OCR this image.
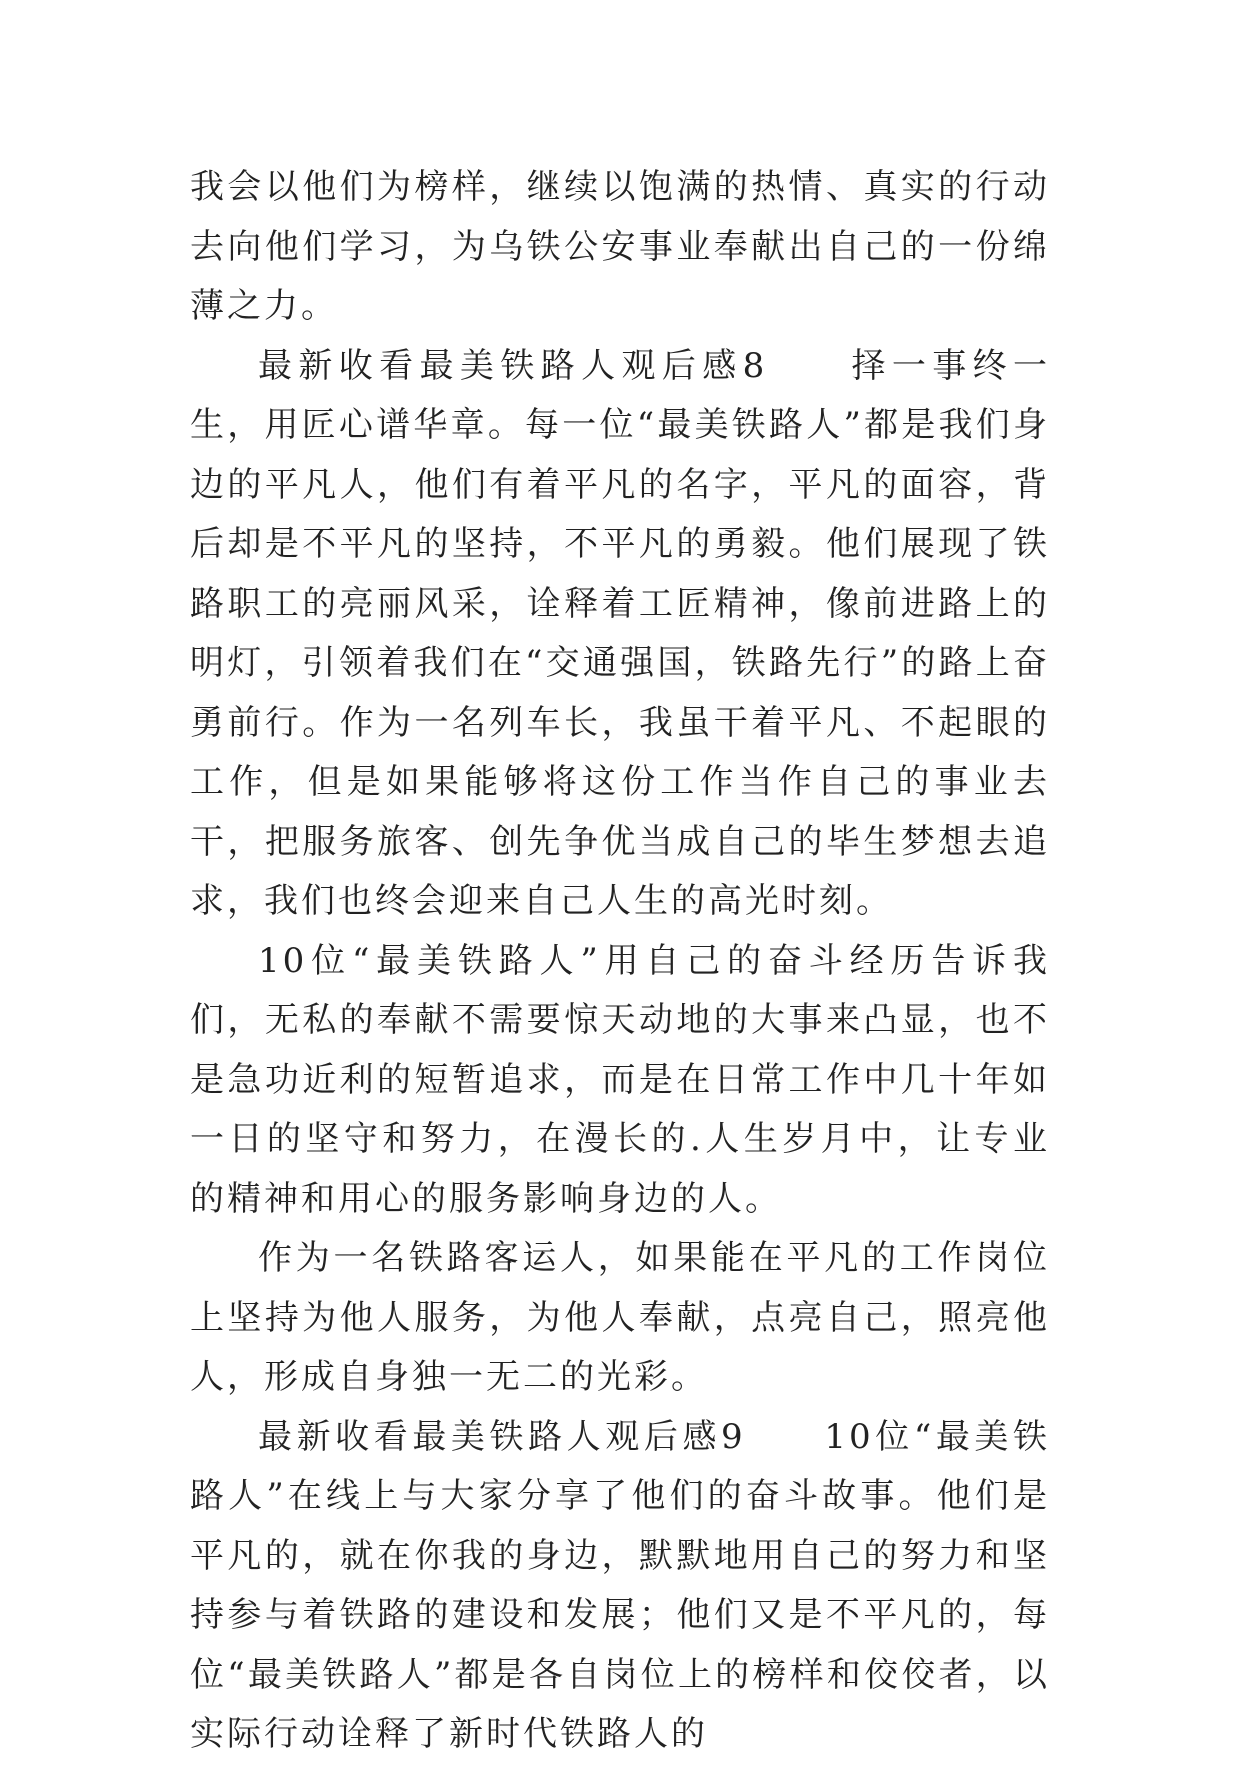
我会以他们为榜样，继续以饱满的热情、真实的行动去向他们学习，为乌铁公安事业奉献出自己的一份绵薄之力。

最新收看最美铁路人观后感8　　择一事终一生，用匠心谱华章。每一位“最美铁路人”都是我们身边的平凡人，他们有着平凡的名字，平凡的面容，背后却是不平凡的坚持，不平凡的勇毅。他们展现了铁路职工的亮丽风采，诠释着工匠精神，像前进路上的明灯，引领着我们在“交通强国，铁路先行”的路上奋勇前行。作为一名列车长，我虽干着平凡、不起眼的工作，但是如果能够将这份工作当作自己的事业去干，把服务旅客、创先争优当成自己的毕生梦想去追求，我们也终会迎来自己人生的高光时刻。

10位“最美铁路人”用自己的奋斗经历告诉我们，无私的奉献不需要惊天动地的大事来凸显，也不是急功近利的短暂追求，而是在日常工作中几十年如一日的坚守和努力，在漫长的.人生岁月中，让专业的精神和用心的服务影响身边的人。

作为一名铁路客运人，如果能在平凡的工作岗位上坚持为他人服务，为他人奉献，点亮自己，照亮他人，形成自身独一无二的光彩。

最新收看最美铁路人观后感9　　10位“最美铁路人”在线上与大家分享了他们的奋斗故事。他们是平凡的，就在你我的身边，默默地用自己的努力和坚持参与着铁路的建设和发展；他们又是不平凡的，每位“最美铁路人”都是各自岗位上的榜样和佼佼者，以实际行动诠释了新时代铁路人的
